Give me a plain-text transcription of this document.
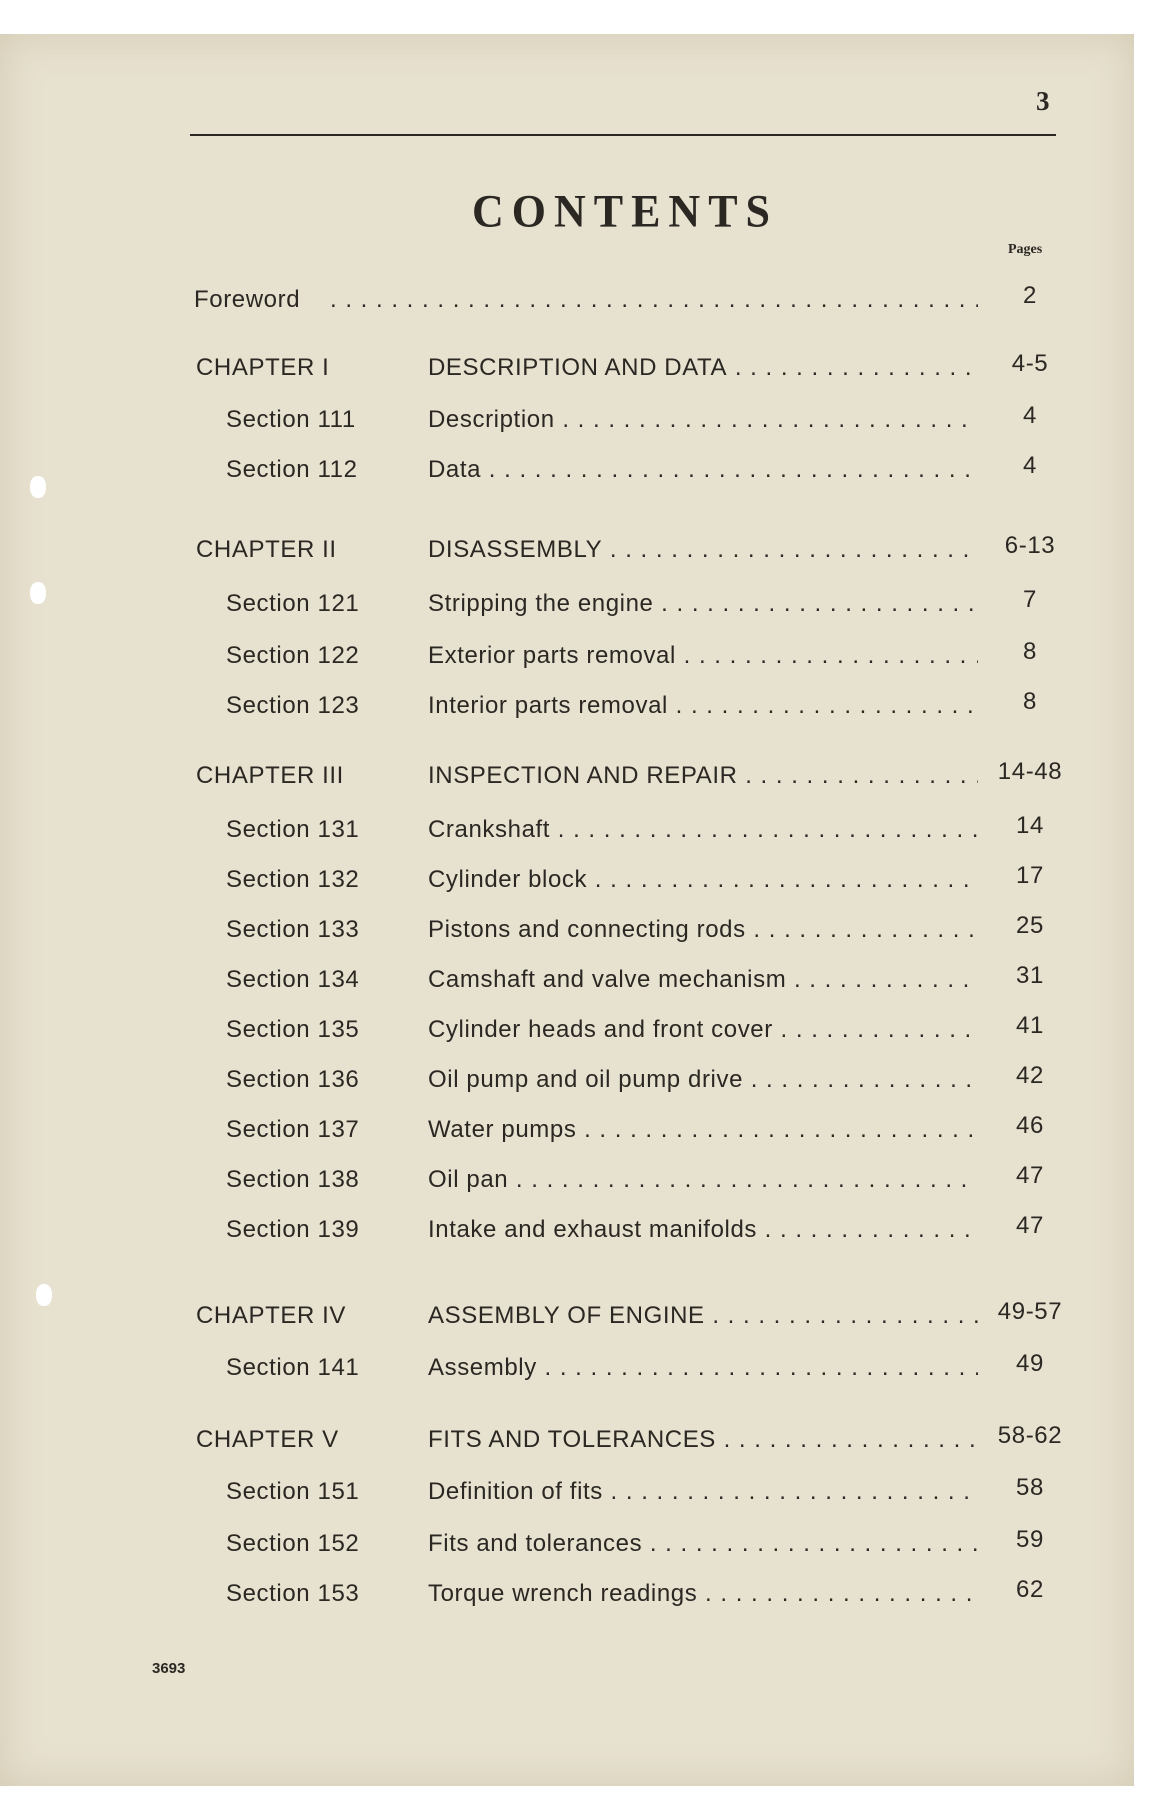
3
CONTENTS
Pages
Foreword . . .	2
CHAPTER I	DESCRIPTION AND DATA . . .	4-5
Section 111	Description . . .	4
Section 112	Data . . .	4
CHAPTER II	DISASSEMBLY . . .	6-13
Section 121	Stripping the engine . . .	7
Section 122	Exterior parts removal . . .	8
Section 123	Interior parts removal . . .	8
CHAPTER III	INSPECTION AND REPAIR . . .	14-48
Section 131	Crankshaft . . .	14
Section 132	Cylinder block . . .	17
Section 133	Pistons and connecting rods . . .	25
Section 134	Camshaft and valve mechanism . . .	31
Section 135	Cylinder heads and front cover . . .	41
Section 136	Oil pump and oil pump drive . . .	42
Section 137	Water pumps . . .	46
Section 138	Oil pan . . .	47
Section 139	Intake and exhaust manifolds . . .	47
CHAPTER IV	ASSEMBLY OF ENGINE . . .	49-57
Section 141	Assembly . . .	49
CHAPTER V	FITS AND TOLERANCES . . .	58-62
Section 151	Definition of fits . . .	58
Section 152	Fits and tolerances . . .	59
Section 153	Torque wrench readings . . .	62
3693
